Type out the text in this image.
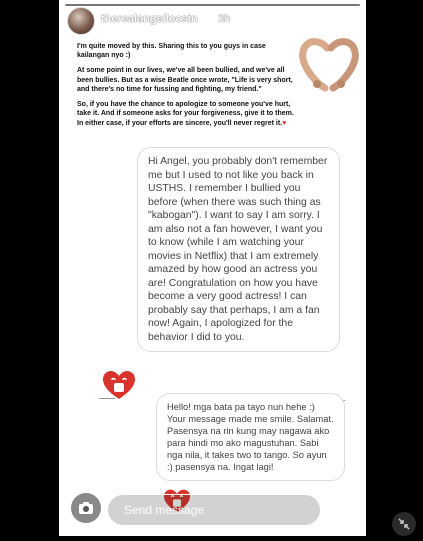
therealangellocsin 3h

I'm quite moved by this. Sharing this to you guys in case kailangan nyo :)

At some point in our lives, we've all been bullied, and we've all been bullies. But as a wise Beatle once wrote, "Life is very short, and there's no time for fussing and fighting, my friend."

So, if you have the chance to apologize to someone you've hurt, take it. And if someone asks for your forgiveness, give it to them. In either case, if your efforts are sincere, you'll never regret it.♥

Hi Angel, you probably don't remember me but I used to not like you back in USTHS. I remember I bullied you before (when there was such thing as "kabogan"). I want to say I am sorry. I am also not a fan however, I want you to know (while I am watching your movies in Netflix) that I am extremely amazed by how good an actress you are! Congratulation on how you have become a very good actress! I can probably say that perhaps, I am a fan now! Again, I apologized for the behavior I did to you.
Hello! mga bata pa tayo nun hehe :) Your message made me smile. Salamat. Pasensya na rin kung may nagawa ako para hindi mo ako magustuhan. Sabi nga nila, it takes two to tango. So ayun :) pasensya na. Ingat lagi!
Send message
